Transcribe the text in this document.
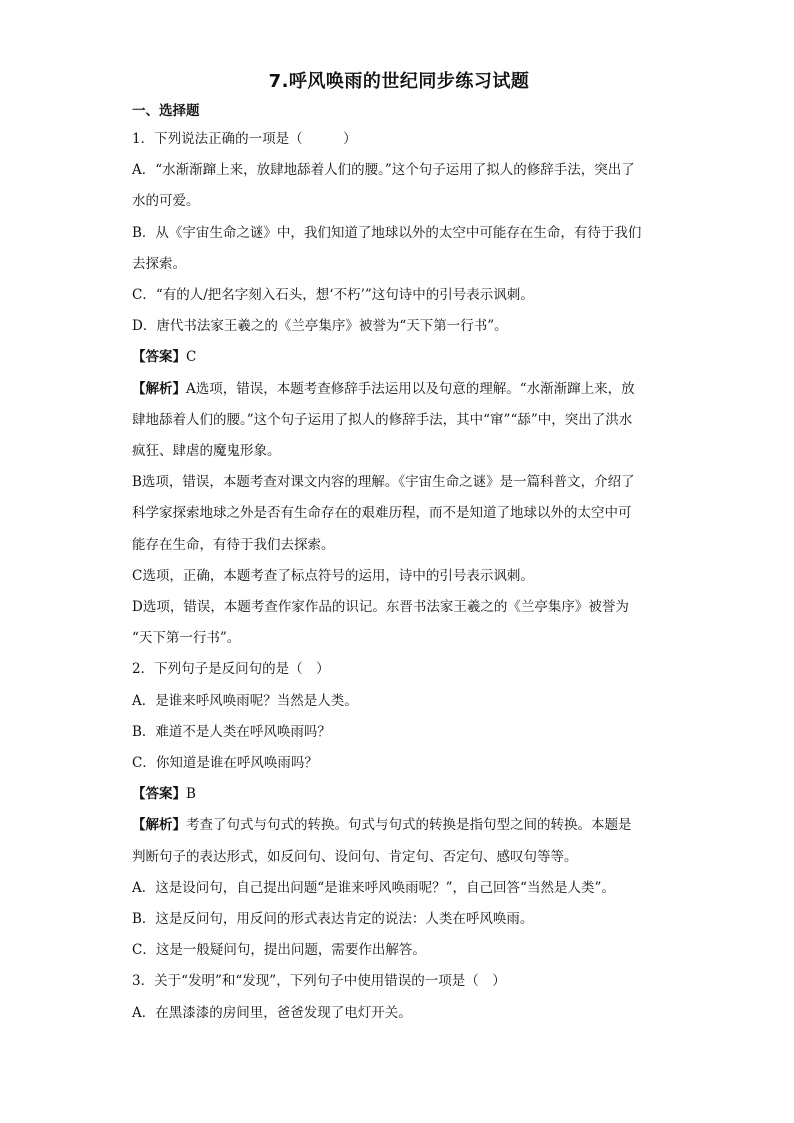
7.呼风唤雨的世纪同步练习试题

一、选择题

1．下列说法正确的一项是（　　　）

A．“水渐渐蹿上来，放肆地舔着人们的腰。”这个句子运用了拟人的修辞手法，突出了

水的可爱。

B．从《宇宙生命之谜》中，我们知道了地球以外的太空中可能存在生命，有待于我们

去探索。

C．“有的人/把名字刻入石头，想‘不朽’”这句诗中的引号表示讽刺。

D．唐代书法家王羲之的《兰亭集序》被誉为“天下第一行书”。

【答案】C

【解析】A选项，错误，本题考查修辞手法运用以及句意的理解。“水渐渐蹿上来，放

肆地舔着人们的腰。”这个句子运用了拟人的修辞手法，其中“窜”“舔”中，突出了洪水

疯狂、肆虐的魔鬼形象。

B选项，错误，本题考查对课文内容的理解。《宇宙生命之谜》是一篇科普文，介绍了

科学家探索地球之外是否有生命存在的艰难历程，而不是知道了地球以外的太空中可

能存在生命，有待于我们去探索。

C选项，正确，本题考查了标点符号的运用，诗中的引号表示讽刺。

D选项，错误，本题考查作家作品的识记。东晋书法家王羲之的《兰亭集序》被誉为

“天下第一行书”。

2．下列句子是反问句的是（　）

A．是谁来呼风唤雨呢？当然是人类。

B．难道不是人类在呼风唤雨吗？

C．你知道是谁在呼风唤雨吗？

【答案】B

【解析】考查了句式与句式的转换。句式与句式的转换是指句型之间的转换。本题是

判断句子的表达形式，如反问句、设问句、肯定句、否定句、感叹句等等。

A．这是设问句，自己提出问题“是谁来呼风唤雨呢？”，自己回答“当然是人类”。

B．这是反问句，用反问的形式表达肯定的说法：人类在呼风唤雨。

C．这是一般疑问句，提出问题，需要作出解答。

3．关于“发明”和“发现”，下列句子中使用错误的一项是（　）

A．在黑漆漆的房间里，爸爸发现了电灯开关。
